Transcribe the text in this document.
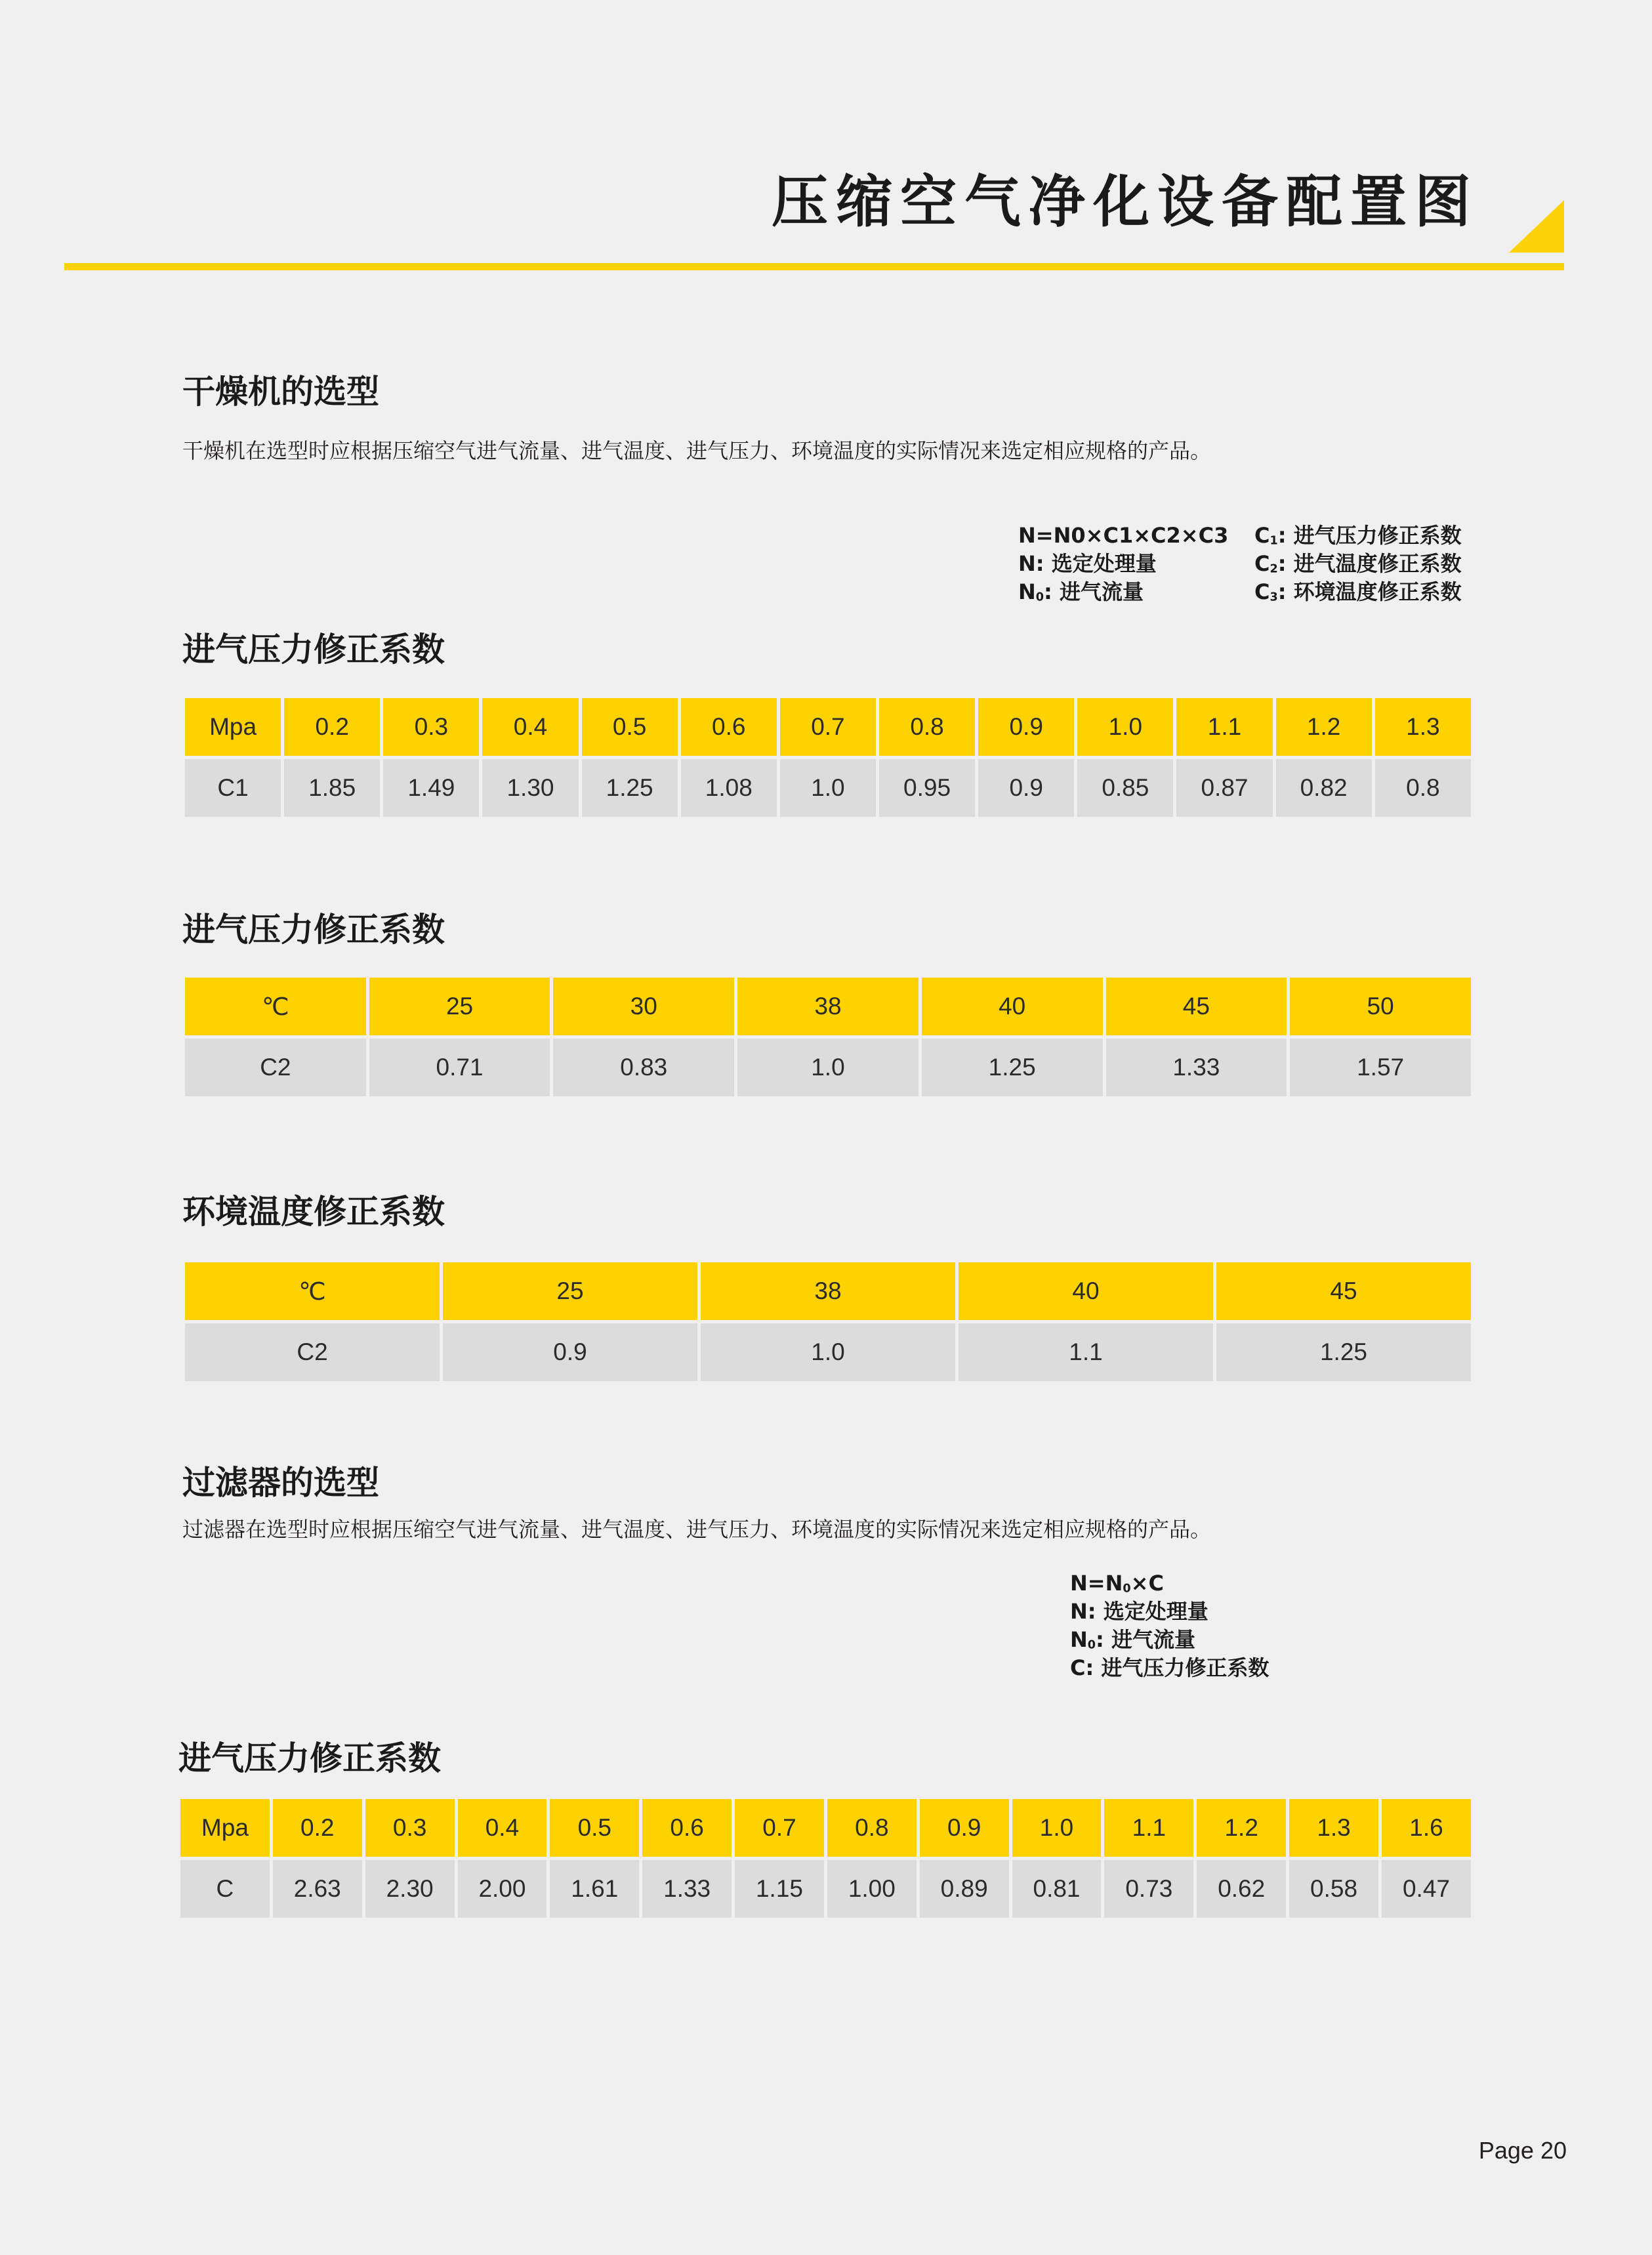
压缩空气净化设备配置图
干燥机的选型
干燥机在选型时应根据压缩空气进气流量、进气温度、进气压力、环境温度的实际情况来选定相应规格的产品。
N=N0×C1×C2×C3
N: 选定处理量
$N_0$: 进气流量
$C_1$: 进气压力修正系数
$C_2$: 进气温度修正系数
$C_3$: 环境温度修正系数
进气压力修正系数
Mpa	0.2	0.3	0.4	0.5	0.6	0.7	0.8	0.9	1.0	1.1	1.2	1.3
C1	1.85	1.49	1.30	1.25	1.08	1.0	0.95	0.9	0.85	0.87	0.82	0.8
进气压力修正系数
℃	25	30	38	40	45	50
C2	0.71	0.83	1.0	1.25	1.33	1.57
环境温度修正系数
℃	25	38	40	45
C2	0.9	1.0	1.1	1.25
过滤器的选型
过滤器在选型时应根据压缩空气进气流量、进气温度、进气压力、环境温度的实际情况来选定相应规格的产品。
$N=N_0\times C$
N: 选定处理量
$N_0$: 进气流量
C: 进气压力修正系数
进气压力修正系数
Mpa	0.2	0.3	0.4	0.5	0.6	0.7	0.8	0.9	1.0	1.1	1.2	1.3	1.6
C	2.63	2.30	2.00	1.61	1.33	1.15	1.00	0.89	0.81	0.73	0.62	0.58	0.47
Page 20
